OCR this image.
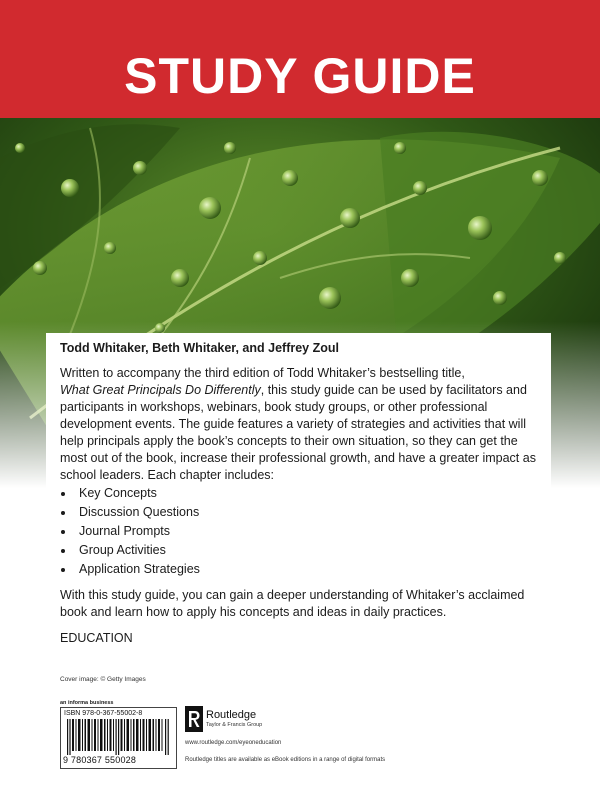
STUDY GUIDE

Todd Whitaker, Beth Whitaker, and Jeffrey Zoul

Written to accompany the third edition of Todd Whitaker’s bestselling title,
What Great Principals Do Differently, this study guide can be used by facilitators and participants in workshops, webinars, book study groups, or other professional development events. The guide features a variety of strategies and activities that will help principals apply the book’s concepts to their own situation, so they can get the most out of the book, increase their professional growth, and have a greater impact as school leaders. Each chapter includes:

Key Concepts
Discussion Questions
Journal Prompts
Group Activities
Application Strategies

With this study guide, you can gain a deeper understanding of Whitaker’s acclaimed book and learn how to apply his concepts and ideas in daily practices.

EDUCATION

Cover image: © Getty Images
an informa business
ISBN 978-0-367-55002-8
9 780367 550028
Routledge
Taylor & Francis Group
www.routledge.com/eyeoneducation
Routledge titles are available as eBook editions in a range of digital formats
